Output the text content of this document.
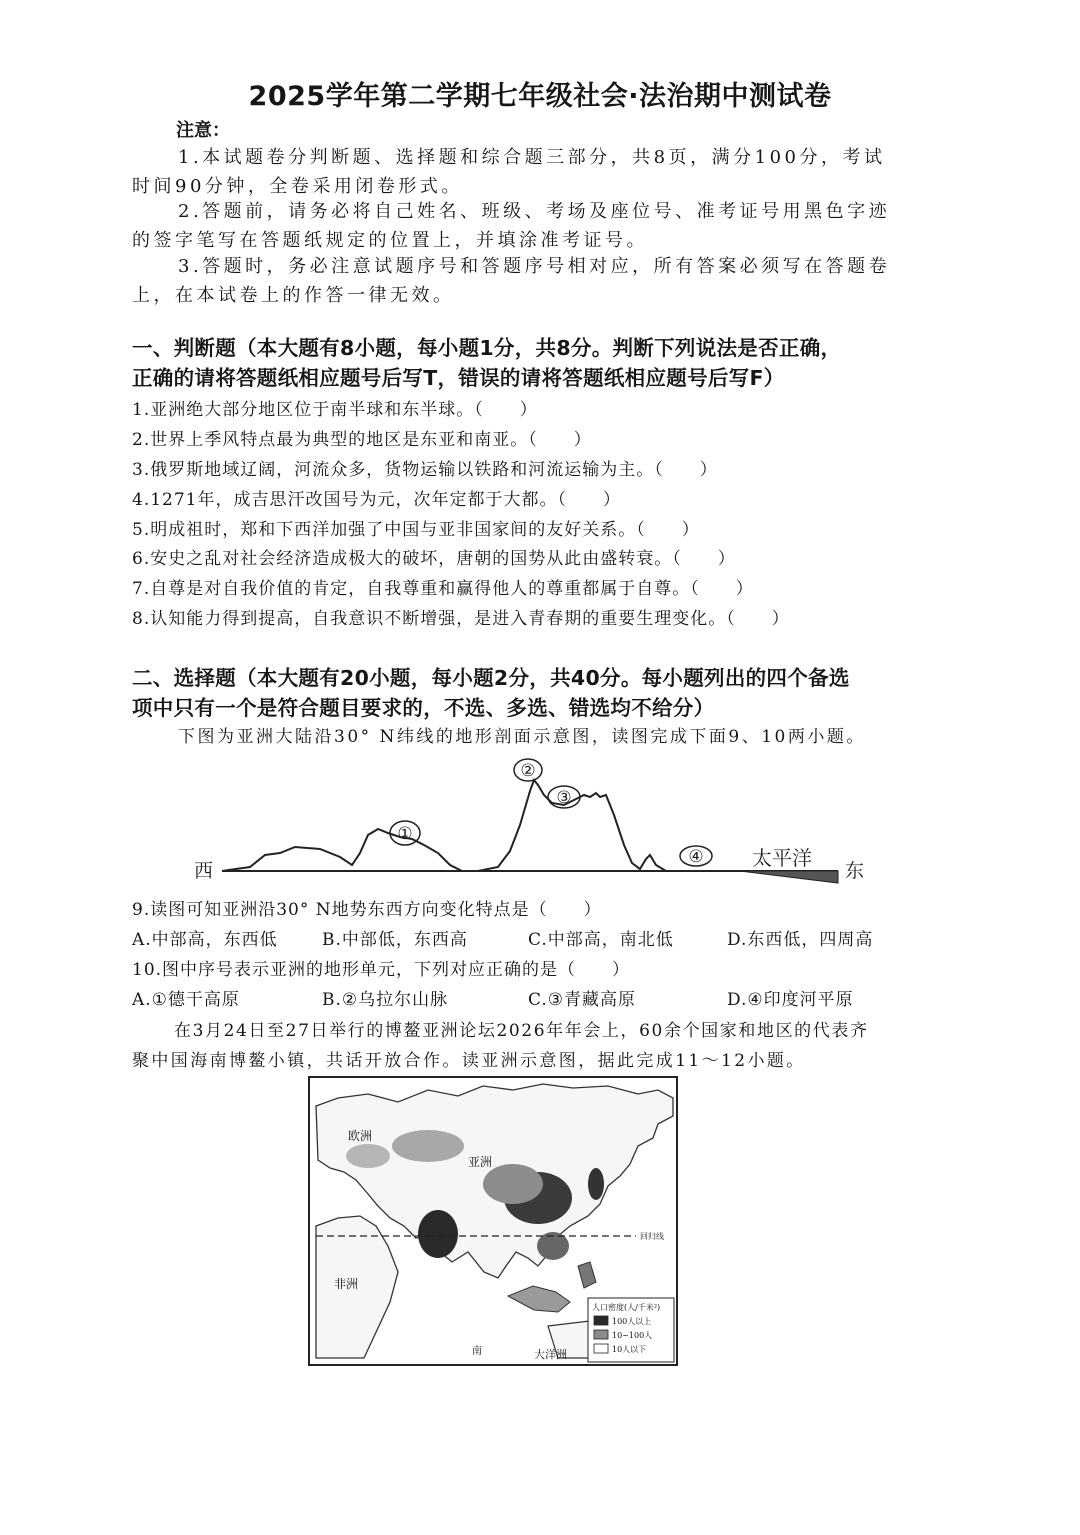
2025学年第二学期七年级社会·法治期中测试卷
注意：
1.本试题卷分判断题、选择题和综合题三部分，共8页，满分100分，考试
时间90分钟，全卷采用闭卷形式。
2.答题前，请务必将自己姓名、班级、考场及座位号、准考证号用黑色字迹
的签字笔写在答题纸规定的位置上，并填涂准考证号。
3.答题时，务必注意试题序号和答题序号相对应，所有答案必须写在答题卷
上，在本试卷上的作答一律无效。
一、判断题（本大题有8小题，每小题1分，共8分。判断下列说法是否正确，
正确的请将答题纸相应题号后写T，错误的请将答题纸相应题号后写F）
1.亚洲绝大部分地区位于南半球和东半球。（　　）
2.世界上季风特点最为典型的地区是东亚和南亚。（　　）
3.俄罗斯地域辽阔，河流众多，货物运输以铁路和河流运输为主。（　　）
4.1271年，成吉思汗改国号为元，次年定都于大都。（　　）
5.明成祖时，郑和下西洋加强了中国与亚非国家间的友好关系。（　　）
6.安史之乱对社会经济造成极大的破坏，唐朝的国势从此由盛转衰。（　　）
7.自尊是对自我价值的肯定，自我尊重和赢得他人的尊重都属于自尊。（　　）
8.认知能力得到提高，自我意识不断增强，是进入青春期的重要生理变化。（　　）
二、选择题（本大题有20小题，每小题2分，共40分。每小题列出的四个备选
项中只有一个是符合题目要求的，不选、多选、错选均不给分）
下图为亚洲大陆沿30° N纬线的地形剖面示意图，读图完成下面9、10两小题。
①
②
③
④
西	东
太平洋
9.读图可知亚洲沿30° N地势东西方向变化特点是（　　）
A.中部高，东西低	B.中部低，东西高	C.中部高，南北低	D.东西低，四周高
10.图中序号表示亚洲的地形单元，下列对应正确的是（　　）
A.①德干高原	B.②乌拉尔山脉	C.③青藏高原	D.④印度河平原
在3月24日至27日举行的博鳌亚洲论坛2026年年会上，60余个国家和地区的代表齐
聚中国海南博鳌小镇，共话开放合作。读亚洲示意图，据此完成11～12小题。
回归线
欧洲
亚洲
非洲
南	大洋洲
人口密度(人/千米²)
100人以上
10~100人
10人以下
